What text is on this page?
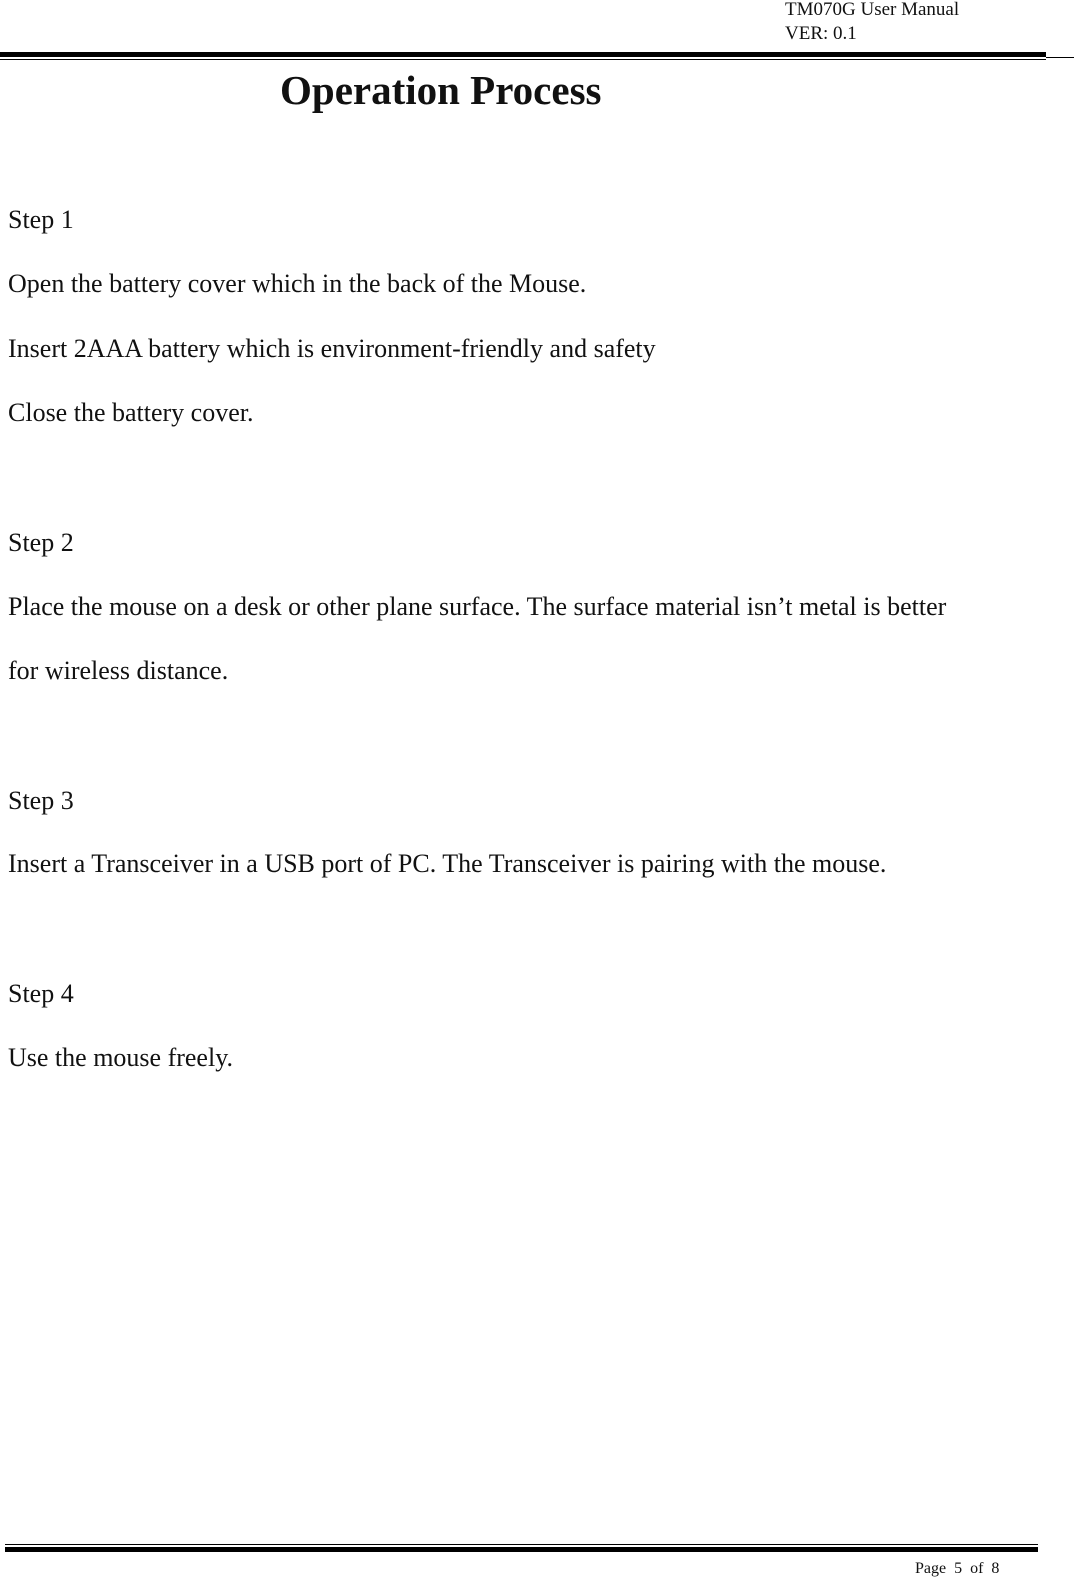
TM070G User Manual
VER: 0.1
Operation Process
Step 1
Open the battery cover which in the back of the Mouse.
Insert 2AAA battery which is environment-friendly and safety
Close the battery cover.
Step 2
Place the mouse on a desk or other plane surface. The surface material isn’t metal is better
for wireless distance.
Step 3
Insert a Transceiver in a USB port of PC. The Transceiver is pairing with the mouse.
Step 4
Use the mouse freely.
Page 5 of 8
